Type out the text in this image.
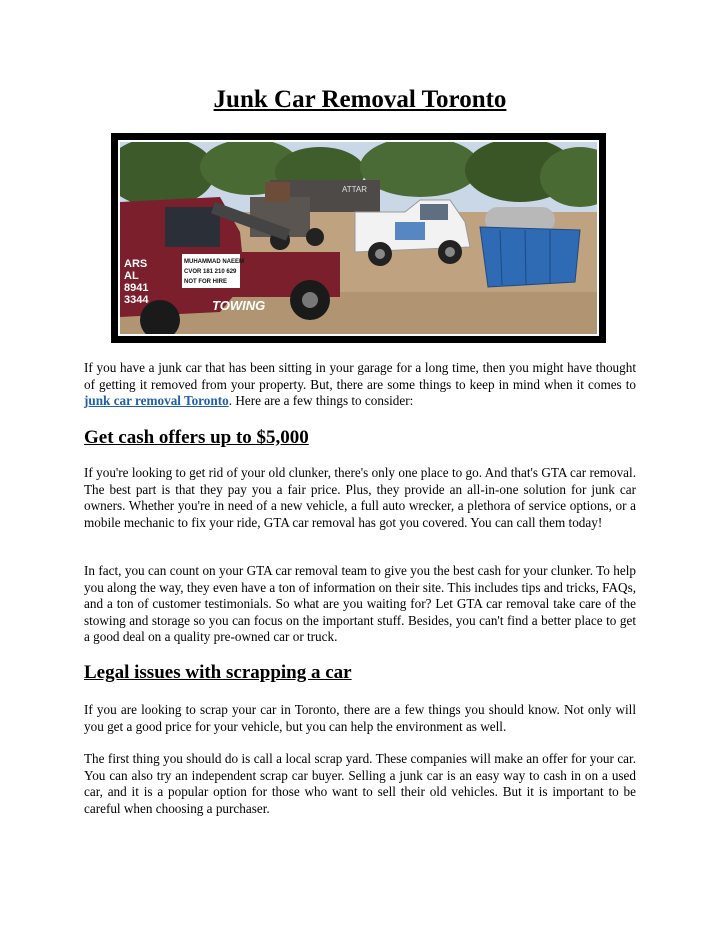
Junk Car Removal Toronto
ATTAR
MUHAMMAD NAEEM
CVOR 181 210 629
NOT FOR HIRE
ARS
AL
8941
3344	TOWING

If you have a junk car that has been sitting in your garage for a long time, then you might have thought of getting it removed from your property. But, there are some things to keep in mind when it comes to junk car removal Toronto. Here are a few things to consider:

Get cash offers up to $5,000

If you're looking to get rid of your old clunker, there's only one place to go. And that's GTA car removal. The best part is that they pay you a fair price. Plus, they provide an all-in-one solution for junk car owners. Whether you're in need of a new vehicle, a full auto wrecker, a plethora of service options, or a mobile mechanic to fix your ride, GTA car removal has got you covered. You can call them today!

In fact, you can count on your GTA car removal team to give you the best cash for your clunker. To help you along the way, they even have a ton of information on their site. This includes tips and tricks, FAQs, and a ton of customer testimonials. So what are you waiting for? Let GTA car removal take care of the stowing and storage so you can focus on the important stuff. Besides, you can't find a better place to get a good deal on a quality pre-owned car or truck.

Legal issues with scrapping a car

If you are looking to scrap your car in Toronto, there are a few things you should know. Not only will you get a good price for your vehicle, but you can help the environment as well.

The first thing you should do is call a local scrap yard. These companies will make an offer for your car. You can also try an independent scrap car buyer. Selling a junk car is an easy way to cash in on a used car, and it is a popular option for those who want to sell their old vehicles. But it is important to be careful when choosing a purchaser.
